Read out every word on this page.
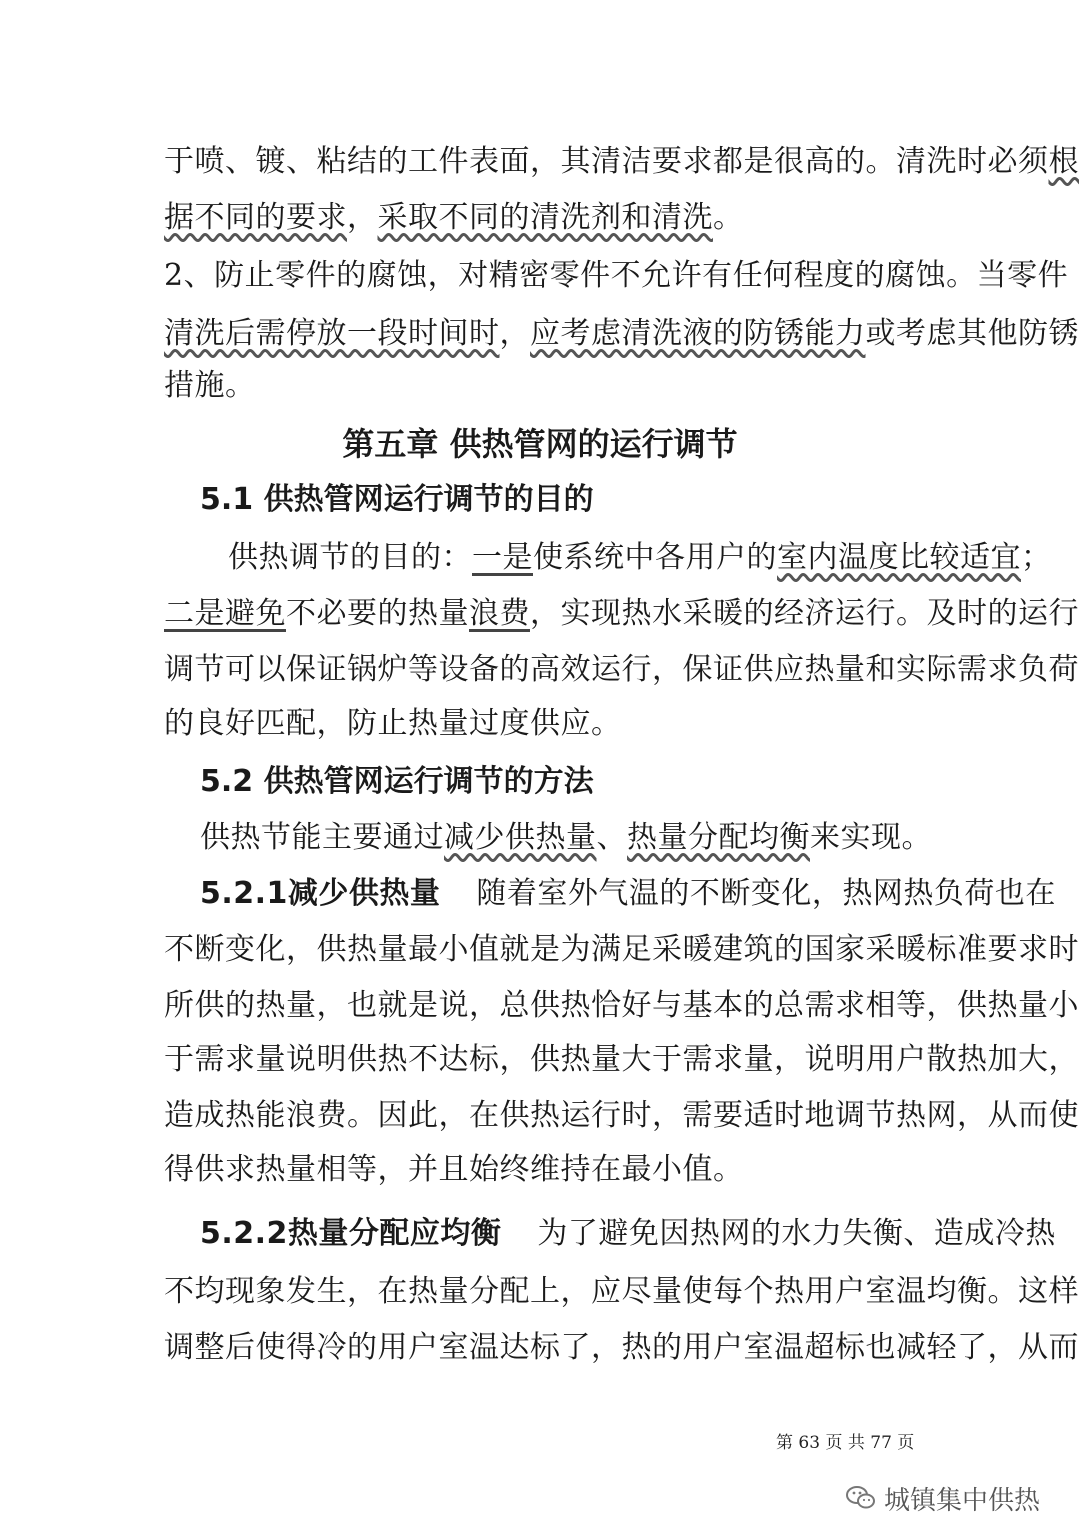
于喷、镀、粘结的工件表面，其清洁要求都是很高的。清洗时必须根
据不同的要求，采取不同的清洗剂和清洗。
2、防止零件的腐蚀，对精密零件不允许有任何程度的腐蚀。当零件
清洗后需停放一段时间时，应考虑清洗液的防锈能力或考虑其他防锈
措施。
第五章 供热管网的运行调节
5.1 供热管网运行调节的目的
供热调节的目的：一是使系统中各用户的室内温度比较适宜；
二是避免不必要的热量浪费，实现热水采暖的经济运行。及时的运行
调节可以保证锅炉等设备的高效运行，保证供应热量和实际需求负荷
的良好匹配，防止热量过度供应。
5.2 供热管网运行调节的方法
供热节能主要通过减少供热量、热量分配均衡来实现。
5.2.1减少供热量 随着室外气温的不断变化，热网热负荷也在
不断变化，供热量最小值就是为满足采暖建筑的国家采暖标准要求时
所供的热量，也就是说，总供热恰好与基本的总需求相等，供热量小
于需求量说明供热不达标，供热量大于需求量，说明用户散热加大，
造成热能浪费。因此，在供热运行时，需要适时地调节热网，从而使
得供求热量相等，并且始终维持在最小值。
5.2.2热量分配应均衡 为了避免因热网的水力失衡、造成冷热
不均现象发生，在热量分配上，应尽量使每个热用户室温均衡。这样
调整后使得冷的用户室温达标了，热的用户室温超标也减轻了，从而
第 63 页 共 77 页
城镇集中供热
